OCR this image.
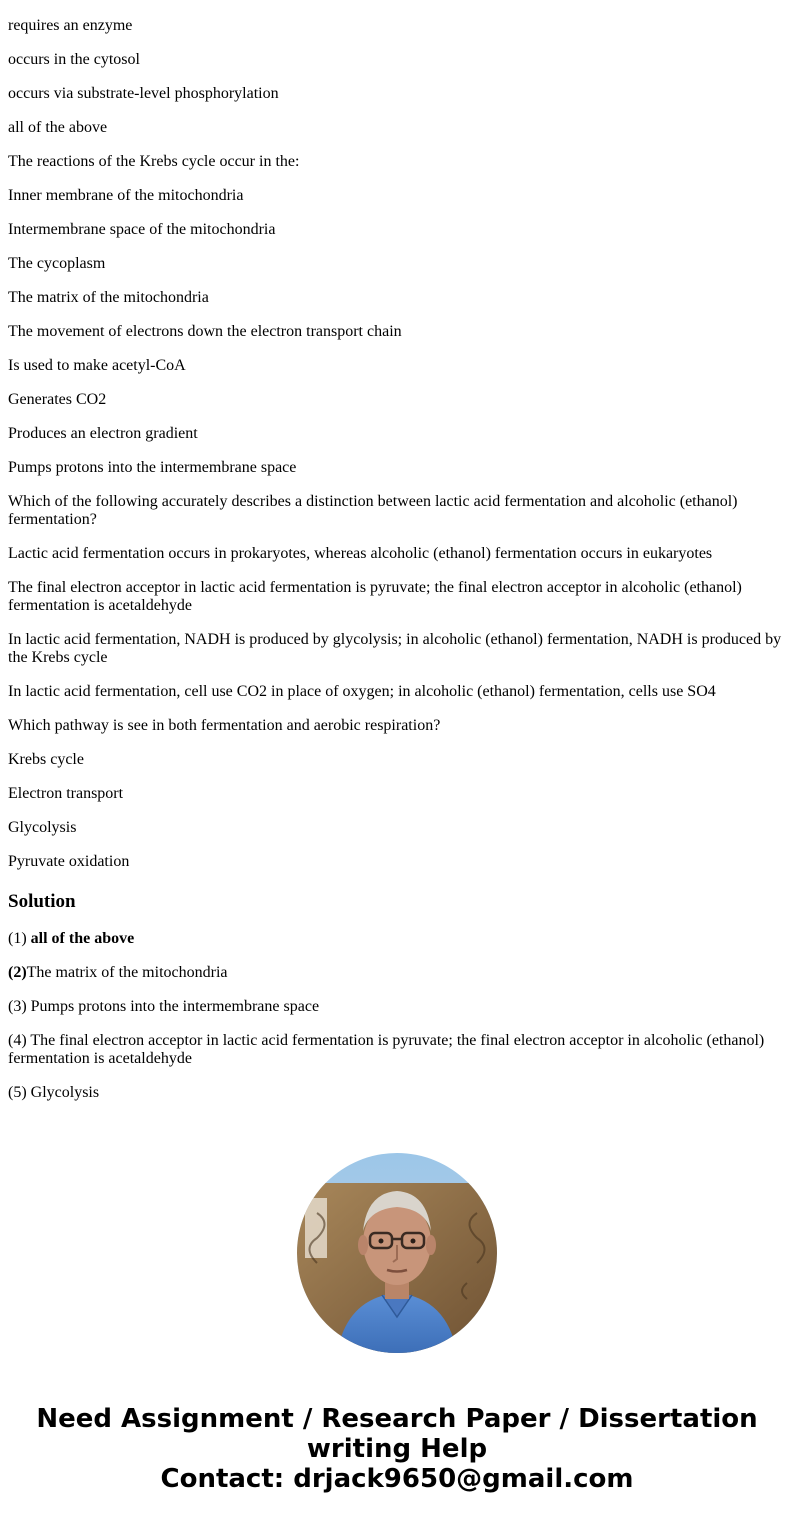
requires an enzyme

occurs in the cytosol

occurs via substrate-level phosphorylation

all of the above

The reactions of the Krebs cycle occur in the:

Inner membrane of the mitochondria

Intermembrane space of the mitochondria

The cycoplasm

The matrix of the mitochondria

The movement of electrons down the electron transport chain

Is used to make acetyl-CoA

Generates CO2

Produces an electron gradient

Pumps protons into the intermembrane space

Which of the following accurately describes a distinction between lactic acid fermentation and alcoholic (ethanol) fermentation?

Lactic acid fermentation occurs in prokaryotes, whereas alcoholic (ethanol) fermentation occurs in eukaryotes

The final electron acceptor in lactic acid fermentation is pyruvate; the final electron acceptor in alcoholic (ethanol) fermentation is acetaldehyde

In lactic acid fermentation, NADH is produced by glycolysis; in alcoholic (ethanol) fermentation, NADH is produced by the Krebs cycle

In lactic acid fermentation, cell use CO2 in place of oxygen; in alcoholic (ethanol) fermentation, cells use SO4

Which pathway is see in both fermentation and aerobic respiration?

Krebs cycle

Electron transport

Glycolysis

Pyruvate oxidation

Solution

(1) all of the above

(2)The matrix of the mitochondria

(3) Pumps protons into the intermembrane space

(4) The final electron acceptor in lactic acid fermentation is pyruvate; the final electron acceptor in alcoholic (ethanol) fermentation is acetaldehyde

(5) Glycolysis

Need Assignment / Research Paper / Dissertation writing Help
Contact: drjack9650@gmail.com
